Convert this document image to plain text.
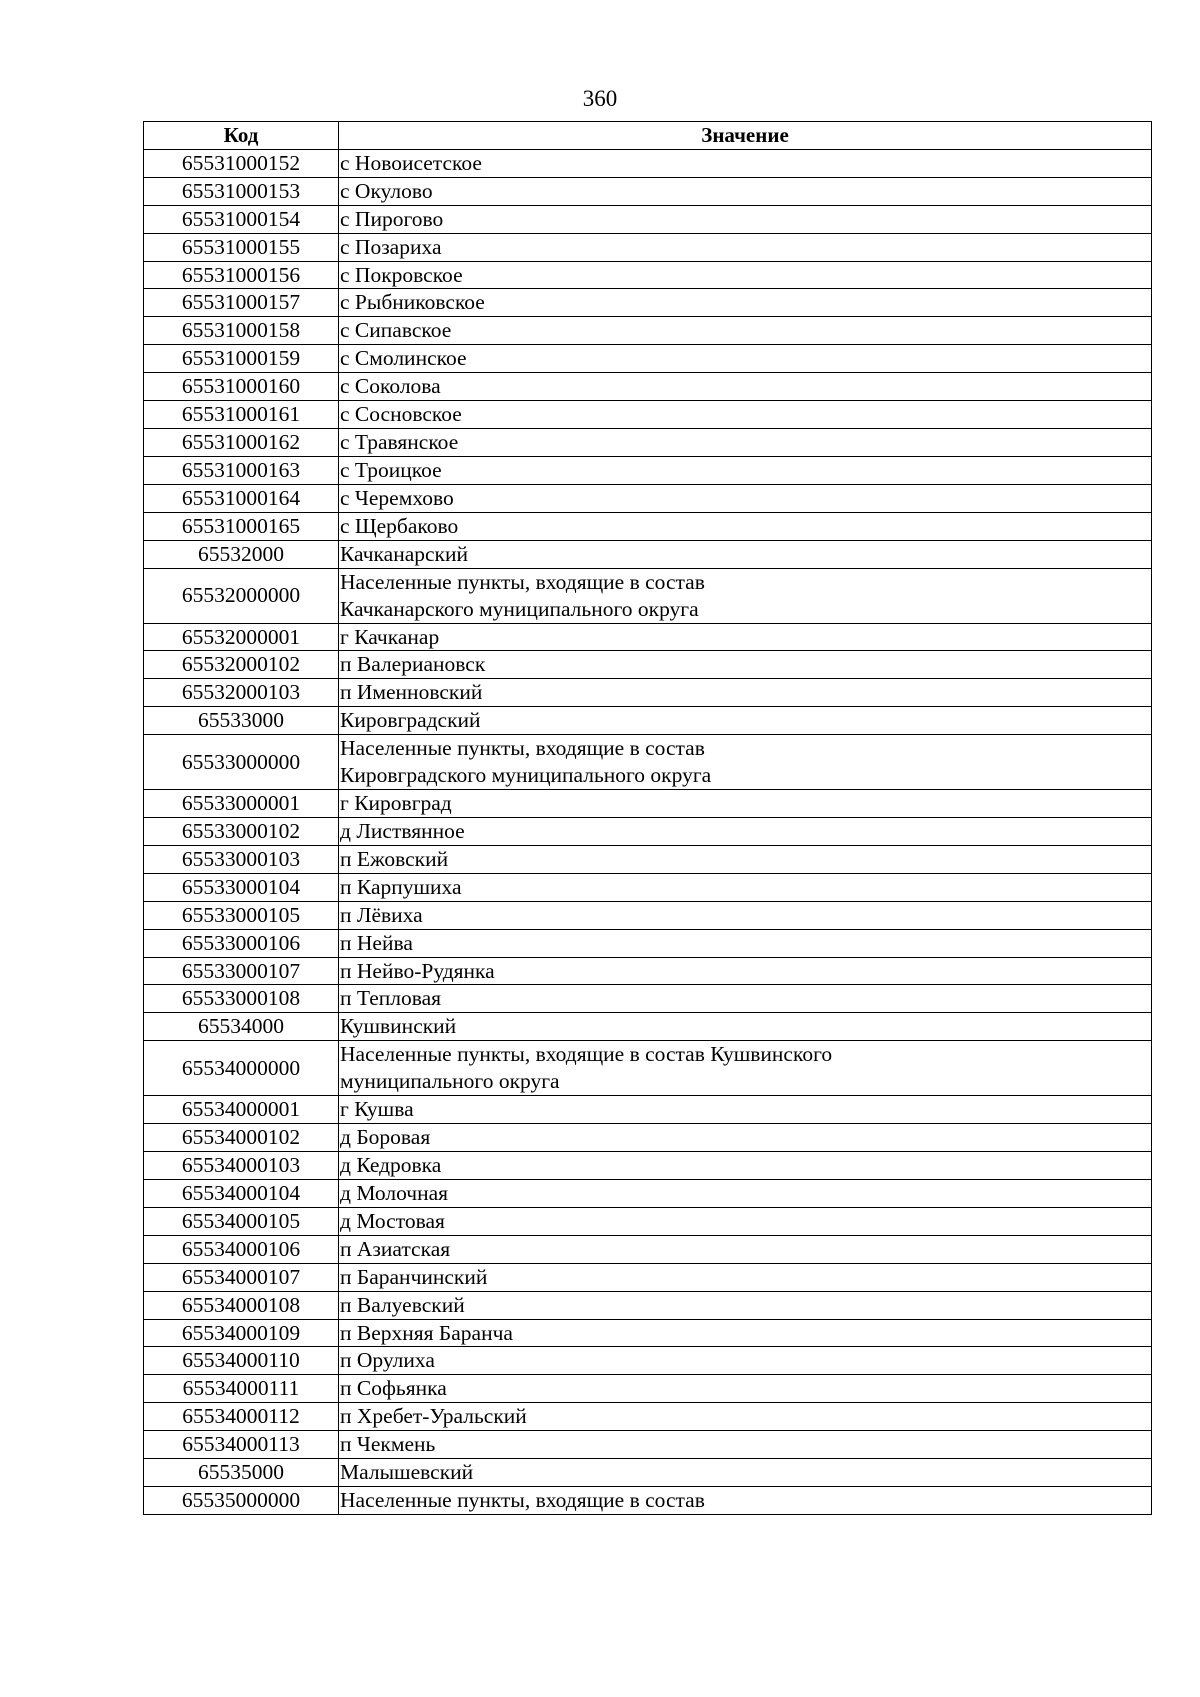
360
Код	Значение
65531000152	с Новоисетское
65531000153	с Окулово
65531000154	с Пирогово
65531000155	с Позариха
65531000156	с Покровское
65531000157	с Рыбниковское
65531000158	с Сипавское
65531000159	с Смолинское
65531000160	с Соколова
65531000161	с Сосновское
65531000162	с Травянское
65531000163	с Троицкое
65531000164	с Черемхово
65531000165	с Щербаково
65532000	Качканарский
65532000000	Населенные пункты, входящие в состав
Качканарского муниципального округа

65532000001	г Качканар
65532000102	п Валериановск
65532000103	п Именновский
65533000	Кировградский
65533000000	Населенные пункты, входящие в состав
Кировградского муниципального округа

65533000001	г Кировград
65533000102	д Листвянное
65533000103	п Ежовский
65533000104	п Карпушиха
65533000105	п Лёвиха
65533000106	п Нейва
65533000107	п Нейво-Рудянка
65533000108	п Тепловая
65534000	Кушвинский
65534000000	Населенные пункты, входящие в состав Кушвинского
муниципального округа

65534000001	г Кушва
65534000102	д Боровая
65534000103	д Кедровка
65534000104	д Молочная
65534000105	д Мостовая
65534000106	п Азиатская
65534000107	п Баранчинский
65534000108	п Валуевский
65534000109	п Верхняя Баранча
65534000110	п Орулиха
65534000111	п Софьянка
65534000112	п Хребет-Уральский
65534000113	п Чекмень
65535000	Малышевский
65535000000	Населенные пункты, входящие в состав
